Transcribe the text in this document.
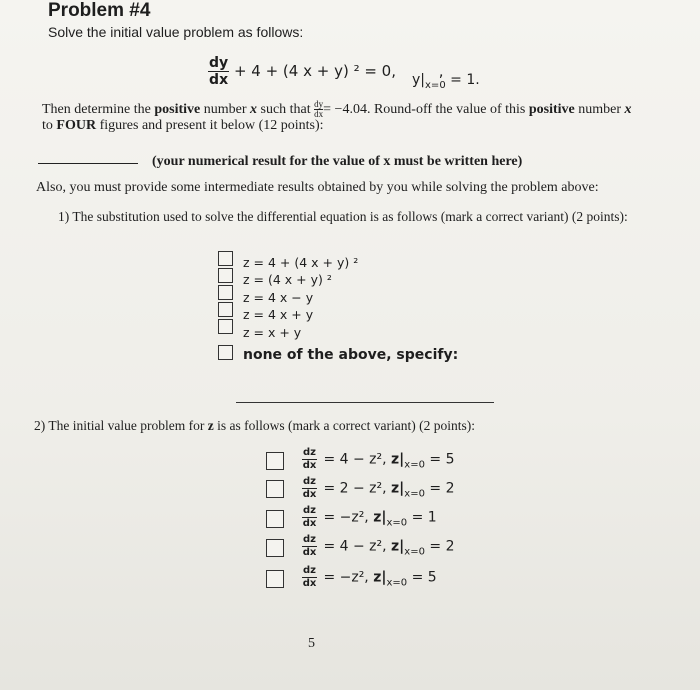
Problem #4
Solve the initial value problem as follows:
$\frac{dy}{dx} + 4 + (4$ x + y) ² = 0,	,
$y|_{x=0} = 1$.
Then determine the positive number x such that $\frac{dy}{dx} = -4.04$. Round-off the value of this positive number x
to FOUR figures and present it below (12 points):
(your numerical result for the value of x must be written here)
Also, you must provide some intermediate results obtained by you while solving the problem above:
1) The substitution used to solve the differential equation is as follows (mark a correct variant) (2 points):
z = 4 + (4 x + y) ²
z = (4 x + y) ²
z = 4 x − y
z = 4 x + y
z = x + y
none of the above, specify:
2) The initial value problem for z is as follows (mark a correct variant) (2 points):
$\frac{dz}{dx} = 4 - z^2$, $z|_{x=0} = 5$
$\frac{dz}{dx} = 2 - z^2$, $z|_{x=0} = 2$
$\frac{dz}{dx} = -z^2$, $z|_{x=0} = 1$
$\frac{dz}{dx} = 4 - z^2$, $z|_{x=0} = 2$
$\frac{dz}{dx} = -z^2$, $z|_{x=0} = 5$
5
